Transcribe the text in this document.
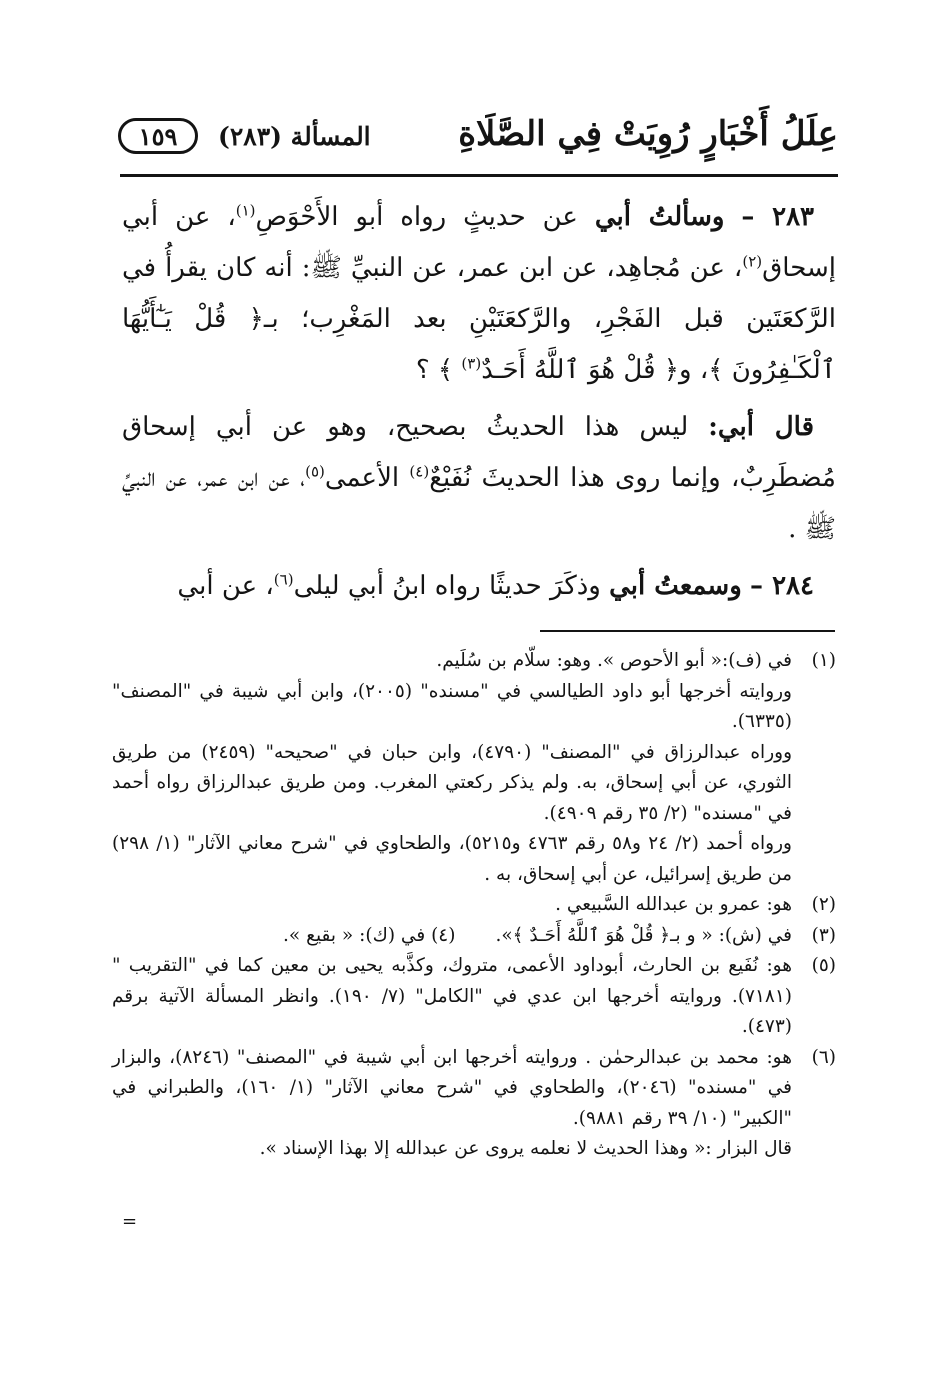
عِلَلُ أَخْبَارٍ رُوِيَتْ فِي الصَّلَاةِ
المسألة (٢٨٣)
١٥٩

٢٨٣ – وسألتُ أبي عن حديثٍ رواه أبو الأَحْوَصِ$^{(١)}$، عن أبي إسحاق$^{(٢)}$، عن مُجاهِد، عن ابن عمر، عن النبيِّ ﷺ: أنه كان يقرأُ في الرَّكعَتَين قبل الفَجْرِ، والرَّكعَتَيْنِ بعد المَغْرِب؛ بـ﴿ قُلْ يَـٰٓأَيُّهَا ٱلْكَـٰفِرُونَ ﴾، و﴿ قُلْ هُوَ ٱللَّهُ أَحَـدٌ$^{(٣)}$ ﴾ ؟

قال أبي: ليس هذا الحديثُ بصحيح، وهو عن أبي إسحاق مُضطَرِبٌ، وإنما روى هذا الحديثَ نُفَيْعٌ$^{(٤)}$ الأعمى$^{(٥)}$، عن ابن عمر، عن النبيِّ ﷺ .

٢٨٤ – وسمعتُ أبي وذكَرَ حديثًا رواه ابنُ أبي ليلى$^{(٦)}$، عن أبي

(١)
في (ف):« أبو الأحوص ». وهو: سلّام بن سُلَيم.
وروايته أخرجها أبو داود الطيالسي في "مسنده" (٢٠٠٥)، وابن أبي شيبة في "المصنف" (٦٣٣٥).
ووراه عبدالرزاق في "المصنف" (٤٧٩٠)، وابن حبان في "صحيحه" (٢٤٥٩) من طريق الثوري، عن أبي إسحاق، به. ولم يذكر ركعتي المغرب. ومن طريق عبدالرزاق رواه أحمد في "مسنده" (٢/ ٣٥ رقم ٤٩٠٩).
ورواه أحمد (٢/ ٢٤ و٥٨ رقم ٤٧٦٣ و٥٢١٥)، والطحاوي في "شرح معاني الآثار" (١/ ٢٩٨) من طريق إسرائيل، عن أبي إسحاق، به .
(٢)
هو: عمرو بن عبدالله السَّبيعي .
(٣)
في (ش): « و بـ﴿ قُلْ هُوَ ٱللَّهُ أَحَـدٌ ﴾».
(٤) في (ك): « بقيع ».
(٥)
هو: نُفَيع بن الحارث، أبوداود الأعمى، متروك، وكذَّبه يحيى بن معين كما في "التقريب " (٧١٨١). وروايته أخرجها ابن عدي في "الكامل" (٧/ ١٩٠). وانظر المسألة الآتية برقم (٤٧٣).
(٦)
هو: محمد بن عبدالرحمٰن . وروايته أخرجها ابن أبي شيبة في "المصنف" (٨٢٤٦)، والبزار في "مسنده" (٢٠٤٦)، والطحاوي في "شرح معاني الآثار" (١/ ١٦٠)، والطبراني في "الكبير" (١٠/ ٣٩ رقم ٩٨٨١).
قال البزار :« وهذا الحديث لا نعلمه يروى عن عبدالله إلا بهذا الإسناد ».
=
